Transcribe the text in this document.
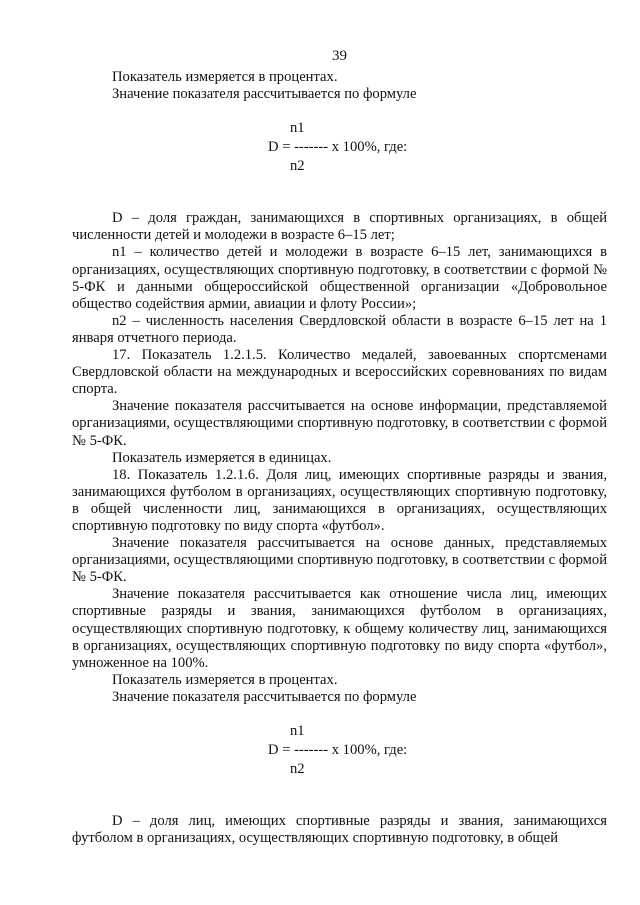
39

Показатель измеряется в процентах.

Значение показателя рассчитывается по формуле

n1
D = ------- x 100%, где:
n2

D – доля граждан, занимающихся в спортивных организациях, в общей численности детей и молодежи в возрасте 6–15 лет;

n1 – количество детей и молодежи в возрасте 6–15 лет, занимающихся в организациях, осуществляющих спортивную подготовку, в соответствии с формой № 5-ФК и данными общероссийской общественной организации «Добровольное общество содействия армии, авиации и флоту России»;

n2 – численность населения Свердловской области в возрасте 6–15 лет на 1 января отчетного периода.

17. Показатель 1.2.1.5. Количество медалей, завоеванных спортсменами Свердловской области на международных и всероссийских соревнованиях по видам спорта.

Значение показателя рассчитывается на основе информации, представляемой организациями, осуществляющими спортивную подготовку, в соответствии с формой № 5-ФК.

Показатель измеряется в единицах.

18. Показатель 1.2.1.6. Доля лиц, имеющих спортивные разряды и звания, занимающихся футболом в организациях, осуществляющих спортивную подготовку, в общей численности лиц, занимающихся в организациях, осуществляющих спортивную подготовку по виду спорта «футбол».

Значение показателя рассчитывается на основе данных, представляемых организациями, осуществляющими спортивную подготовку, в соответствии с формой № 5-ФК.

Значение показателя рассчитывается как отношение числа лиц, имеющих спортивные разряды и звания, занимающихся футболом в организациях, осуществляющих спортивную подготовку, к общему количеству лиц, занимающихся в организациях, осуществляющих спортивную подготовку по виду спорта «футбол», умноженное на 100%.

Показатель измеряется в процентах.

Значение показателя рассчитывается по формуле

n1
D = ------- x 100%, где:
n2

D – доля лиц, имеющих спортивные разряды и звания, занимающихся футболом в организациях, осуществляющих спортивную подготовку, в общей
